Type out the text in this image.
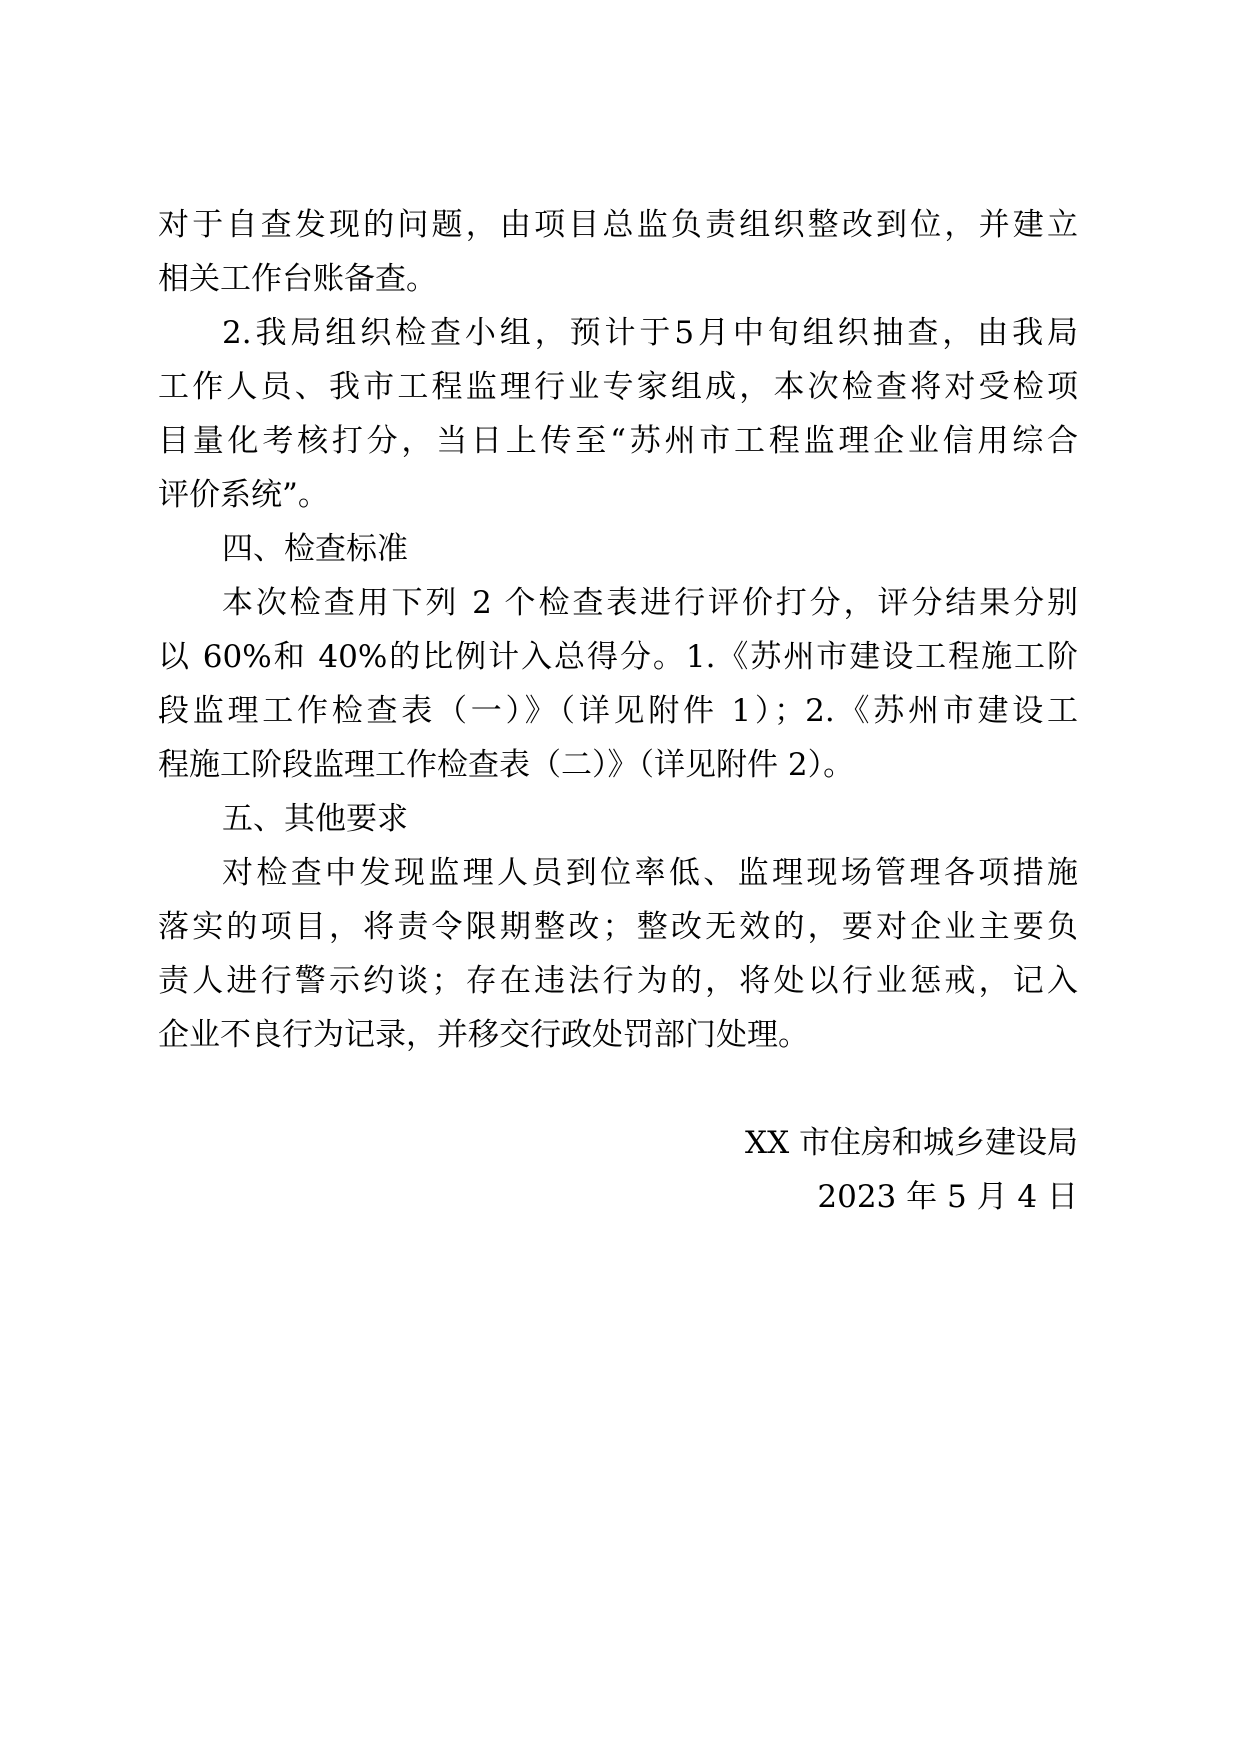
对于自查发现的问题，由项目总监负责组织整改到位，并建立
相关工作台账备查。
2.我局组织检查小组，预计于5月中旬组织抽查，由我局
工作人员、我市工程监理行业专家组成，本次检查将对受检项
目量化考核打分，当日上传至“苏州市工程监理企业信用综合
评价系统”。
四、检查标准
本次检查用下列 2 个检查表进行评价打分，评分结果分别
以 60%和 40%的比例计入总得分。1.《苏州市建设工程施工阶
段监理工作检查表（一）》（详见附件 1）；2.《苏州市建设工
程施工阶段监理工作检查表（二）》（详见附件 2）。
五、其他要求
对检查中发现监理人员到位率低、监理现场管理各项措施
落实的项目，将责令限期整改；整改无效的，要对企业主要负
责人进行警示约谈；存在违法行为的，将处以行业惩戒，记入
企业不良行为记录，并移交行政处罚部门处理。
XX 市住房和城乡建设局
2023 年 5 月 4 日
